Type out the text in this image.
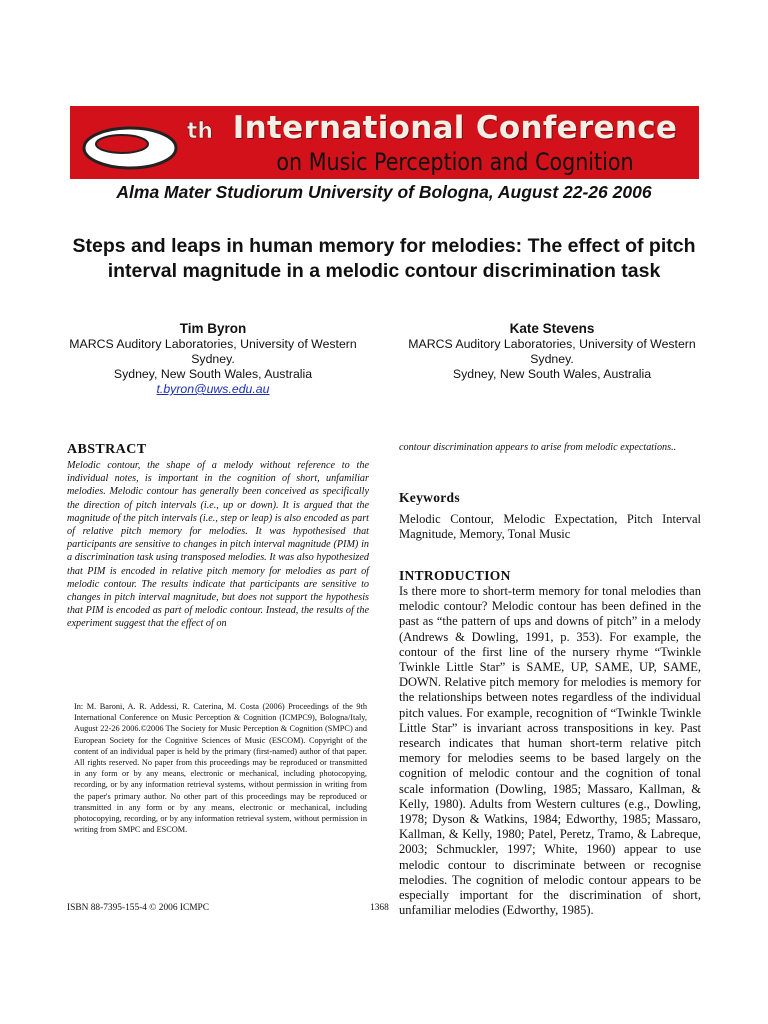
th International Conference
on Music Perception and Cognition
Alma Mater Studiorum University of Bologna, August 22-26 2006
Steps and leaps in human memory for melodies: The effect of pitch interval magnitude in a melodic contour discrimination task
Tim Byron
MARCS Auditory Laboratories, University of Western Sydney.
Sydney, New South Wales, Australia
t.byron@uws.edu.au
Kate Stevens
MARCS Auditory Laboratories, University of Western Sydney.
Sydney, New South Wales, Australia
ABSTRACT
Melodic contour, the shape of a melody without reference to the individual notes, is important in the cognition of short, unfamiliar melodies. Melodic contour has generally been conceived as specifically the direction of pitch intervals (i.e., up or down). It is argued that the magnitude of the pitch intervals (i.e., step or leap) is also encoded as part of relative pitch memory for melodies. It was hypothesised that participants are sensitive to changes in pitch interval magnitude (PIM) in a discrimination task using transposed melodies. It was also hypothesized that PIM is encoded in relative pitch memory for melodies as part of melodic contour. The results indicate that participants are sensitive to changes in pitch interval magnitude, but does not support the hypothesis that PIM is encoded as part of melodic contour. Instead, the results of the experiment suggest that the effect of on
In: M. Baroni, A. R. Addessi, R. Caterina, M. Costa (2006) Proceedings of the 9th International Conference on Music Perception & Cognition (ICMPC9), Bologna/Italy, August 22-26 2006.©2006 The Society for Music Perception & Cognition (SMPC) and European Society for the Cognitive Sciences of Music (ESCOM). Copyright of the content of an individual paper is held by the primary (first-named) author of that paper. All rights reserved. No paper from this proceedings may be reproduced or transmitted in any form or by any means, electronic or mechanical, including photocopying, recording, or by any information retrieval systems, without permission in writing from the paper's primary author. No other part of this proceedings may be reproduced or transmitted in any form or by any means, electronic or mechanical, including photocopying, recording, or by any information retrieval system, without permission in writing from SMPC and ESCOM.
ISBN 88-7395-155-4 © 2006 ICMPC	1368
contour discrimination appears to arise from melodic expectations..
Keywords
Melodic Contour, Melodic Expectation, Pitch Interval Magnitude, Memory, Tonal Music
INTRODUCTION
Is there more to short-term memory for tonal melodies than melodic contour? Melodic contour has been defined in the past as “the pattern of ups and downs of pitch” in a melody (Andrews & Dowling, 1991, p. 353). For example, the contour of the first line of the nursery rhyme “Twinkle Twinkle Little Star” is SAME, UP, SAME, UP, SAME, DOWN. Relative pitch memory for melodies is memory for the relationships between notes regardless of the individual pitch values. For example, recognition of “Twinkle Twinkle Little Star” is invariant across transpositions in key. Past research indicates that human short-term relative pitch memory for melodies seems to be based largely on the cognition of melodic contour and the cognition of tonal scale information (Dowling, 1985; Massaro, Kallman, & Kelly, 1980). Adults from Western cultures (e.g., Dowling, 1978; Dyson & Watkins, 1984; Edworthy, 1985; Massaro, Kallman, & Kelly, 1980; Patel, Peretz, Tramo, & Labreque, 2003; Schmuckler, 1997; White, 1960) appear to use melodic contour to discriminate between or recognise melodies. The cognition of melodic contour appears to be especially important for the discrimination of short, unfamiliar melodies (Edworthy, 1985).
